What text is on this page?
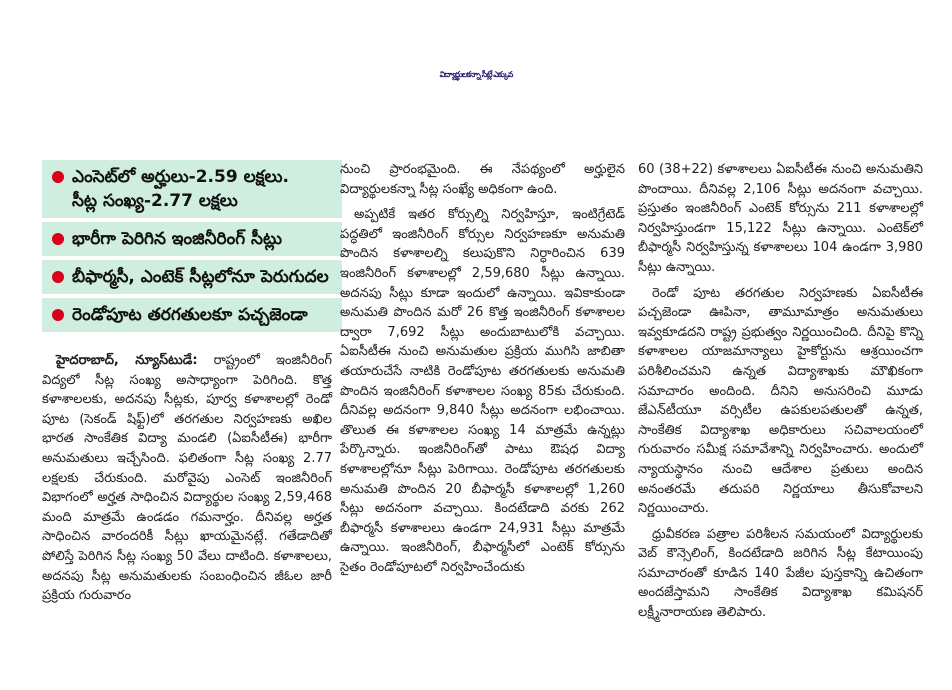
విద్యార్థులకన్నా సీట్లే ఎక్కువ
ఎంసెట్‌లో అర్హులు-2.59 లక్షలు.
సీట్ల సంఖ్య-2.77 లక్షలు
భారీగా పెరిగిన ఇంజినీరింగ్‌ సీట్లు
బీఫార్మసీ, ఎంటెక్‌ సీట్లలోనూ పెరుగుదల
రెండోపూట తరగతులకూ పచ్చజెండా

హైదరాబాద్‌, న్యూస్‌టుడే: రాష్ట్రంలో ఇంజినీరింగ్‌ విద్యలో సీట్ల సంఖ్య అసాధ్యాంగా పెరిగింది. కొత్త కళాశాలలకు, అదనపు సీట్లకు, పూర్వ కళాశాలల్లో రెండో పూట (సెకండ్‌ షిఫ్ట్‌)లో తరగతుల నిర్వహణకు అఖిల భారత సాంకేతిక విద్యా మండలి (ఏఐసీటీఈ) భారీగా అనుమతులు ఇచ్చేసింది. ఫలితంగా సీట్ల సంఖ్య 2.77 లక్షలకు చేరుకుంది. మరోవైపు ఎంసెట్‌ ఇంజినీరింగ్‌ విభాగంలో అర్హత సాధించిన విద్యార్థుల సంఖ్య 2,59,468 మంది మాత్రమే ఉండడం గమనార్హం. దీనివల్ల అర్హత సాధించిన వారందరికీ సీట్లు ఖాయమైనట్లే. గతేడాదితో పోలిస్తే పెరిగిన సీట్ల సంఖ్య 50 వేలు దాటింది. కళాశాలలు, అదనపు సీట్ల అనుమతులకు సంబంధించిన జీఓల జారీ ప్రక్రియ గురువారం

నుంచి ప్రారంభమైంది. ఈ నేపథ్యంలో అర్హులైన విద్యార్థులకన్నా సీట్ల సంఖ్యే అధికంగా ఉంది.

అప్పటికే ఇతర కోర్సుల్ని నిర్వహిస్తూ, ఇంటిగ్రేటెడ్‌ పద్ధతిలో ఇంజినీరింగ్‌ కోర్సుల నిర్వహణకూ అనుమతి పొందిన కళాశాలల్ని కలుపుకొని నిర్ధారించిన 639 ఇంజినీరింగ్‌ కళాశాలల్లో 2,59,680 సీట్లు ఉన్నాయి. అదనపు సీట్లు కూడా ఇందులో ఉన్నాయి. ఇవికాకుండా అనుమతి పొందిన మరో 26 కొత్త ఇంజినీరింగ్‌ కళాశాలల ద్వారా 7,692 సీట్లు అందుబాటులోకి వచ్చాయి. ఏఐసీటీఈ నుంచి అనుమతుల ప్రక్రియ ముగిసి జాబితా తయారుచేసే నాటికి రెండోపూట తరగతులకు అనుమతి పొందిన ఇంజినీరింగ్‌ కళాశాలల సంఖ్య 85కు చేరుకుంది. దీనివల్ల అదనంగా 9,840 సీట్లు అదనంగా లభించాయి. తొలుత ఈ కళాశాలల సంఖ్య 14 మాత్రమే ఉన్నట్లు పేర్కొన్నారు. ఇంజినీరింగ్‌తో పాటు ఔషధ విద్యా కళాశాలల్లోనూ సీట్లు పెరిగాయి. రెండోపూట తరగతులకు అనుమతి పొందిన 20 బీఫార్మసీ కళాశాలల్లో 1,260 సీట్లు అదనంగా వచ్చాయి. కిందటేడాది వరకు 262 బీఫార్మసీ కళాశాలలు ఉండగా 24,931 సీట్లు మాత్రమే ఉన్నాయి. ఇంజినీరింగ్‌, బీఫార్మసీలో ఎంటెక్‌ కోర్సును సైతం రెండోపూటలో నిర్వహించేందుకు

60 (38+22) కళాశాలలు ఏఐసీటీఈ నుంచి అనుమతిని పొందాయి. దీనివల్ల 2,106 సీట్లు అదనంగా వచ్చాయి. ప్రస్తుతం ఇంజినీరింగ్‌ ఎంటెక్‌ కోర్సును 211 కళాశాలల్లో నిర్వహిస్తుండగా 15,122 సీట్లు ఉన్నాయి. ఎంటెక్‌లో బీఫార్మసీ నిర్వహిస్తున్న కళాశాలలు 104 ఉండగా 3,980 సీట్లు ఉన్నాయి.

రెండో పూట తరగతుల నిర్వహణకు ఏఐసీటీఈ పచ్చజెండా ఊపినా, తామూమాత్రం అనుమతులు ఇవ్వకూడదని రాష్ట్ర ప్రభుత్వం నిర్ణయించింది. దీనిపై కొన్ని కళాశాలల యాజమాన్యాలు హైకోర్టును ఆశ్రయించగా పరిశీలించమని ఉన్నత విద్యాశాఖకు మౌఖికంగా సమాచారం అందింది. దీనిని అనుసరించి మూడు జేఎన్‌టీయూ వర్సిటీల ఉపకులపతులతో ఉన్నత, సాంకేతిక విద్యాశాఖ అధికారులు సచివాలయంలో గురువారం సమీక్ష సమావేశాన్ని నిర్వహించారు. అందులో న్యాయస్థానం నుంచి ఆదేశాల ప్రతులు అందిన అనంతరమే తదుపరి నిర్ణయాలు తీసుకోవాలని నిర్ణయించారు.

ధ్రువీకరణ పత్రాల పరిశీలన సమయంలో విద్యార్థులకు వెబ్‌ కౌన్సెలింగ్‌, కిందటేడాది జరిగిన సీట్ల కేటాయింపు సమాచారంతో కూడిన 140 పేజీల పుస్తకాన్ని ఉచితంగా అందజేస్తామని సాంకేతిక విద్యాశాఖ కమిషనర్‌ లక్ష్మీనారాయణ తెలిపారు.
